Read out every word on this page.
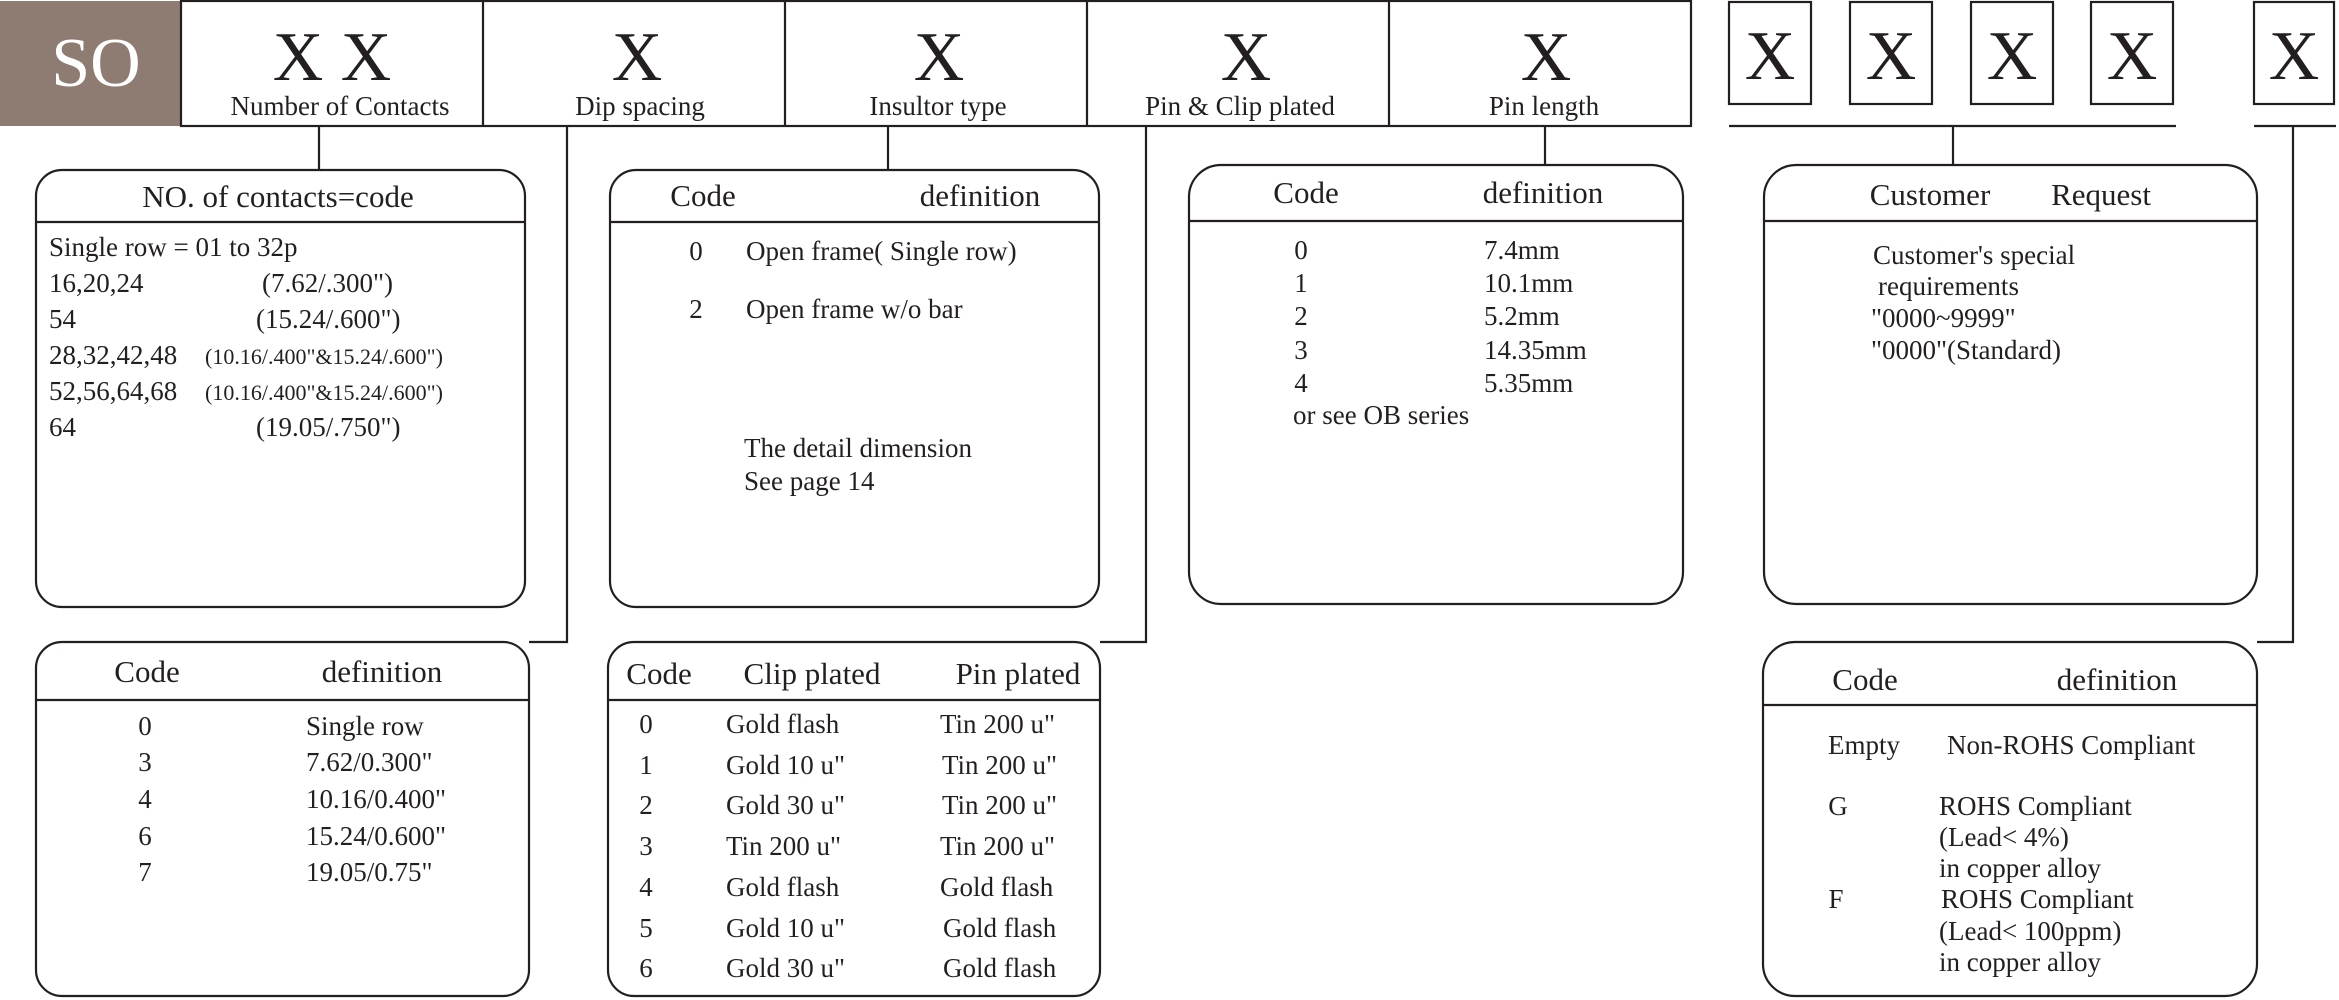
SO X X
Number of Contacts
X
Dip spacing
X
Insultor type
X
Pin & Clip plated
X
Pin length
X X X X X
NO. of contacts=code
Single row = 01 to 32p
16,20,24	(7.62/.300")
54	(15.24/.600")
28,32,42,48 (10.16/.400"&15.24/.600")
52,56,64,68 (10.16/.400"&15.24/.600")
64	(19.05/.750")
Code	definition
0	Single row
3	7.62/0.300"
4	10.16/0.400"
6	15.24/0.600"
7	19.05/0.75"
Code	definition
0 Open frame( Single row)
2 Open frame w/o bar
The detail dimension
See page 14
Code Clip plated Pin plated
0	Gold flash	Tin 200 u"
1	Gold 10 u"	Tin 200 u"
2	Gold 30 u"	Tin 200 u"
3	Tin 200 u"	Tin 200 u"
4	Gold flash	Gold flash
5	Gold 10 u"	Gold flash
6	Gold 30 u"	Gold flash
Code	definition
0	7.4mm
1	10.1mm
2	5.2mm
3	14.35mm
4	5.35mm
or see OB series
Customer Request
Customer's special
requirements
"0000~9999"
"0000"(Standard)
Code	definition
Empty Non-ROHS Compliant
G	ROHS Compliant
(Lead< 4%)
in copper alloy
F	ROHS Compliant
(Lead< 100ppm)
in copper alloy
